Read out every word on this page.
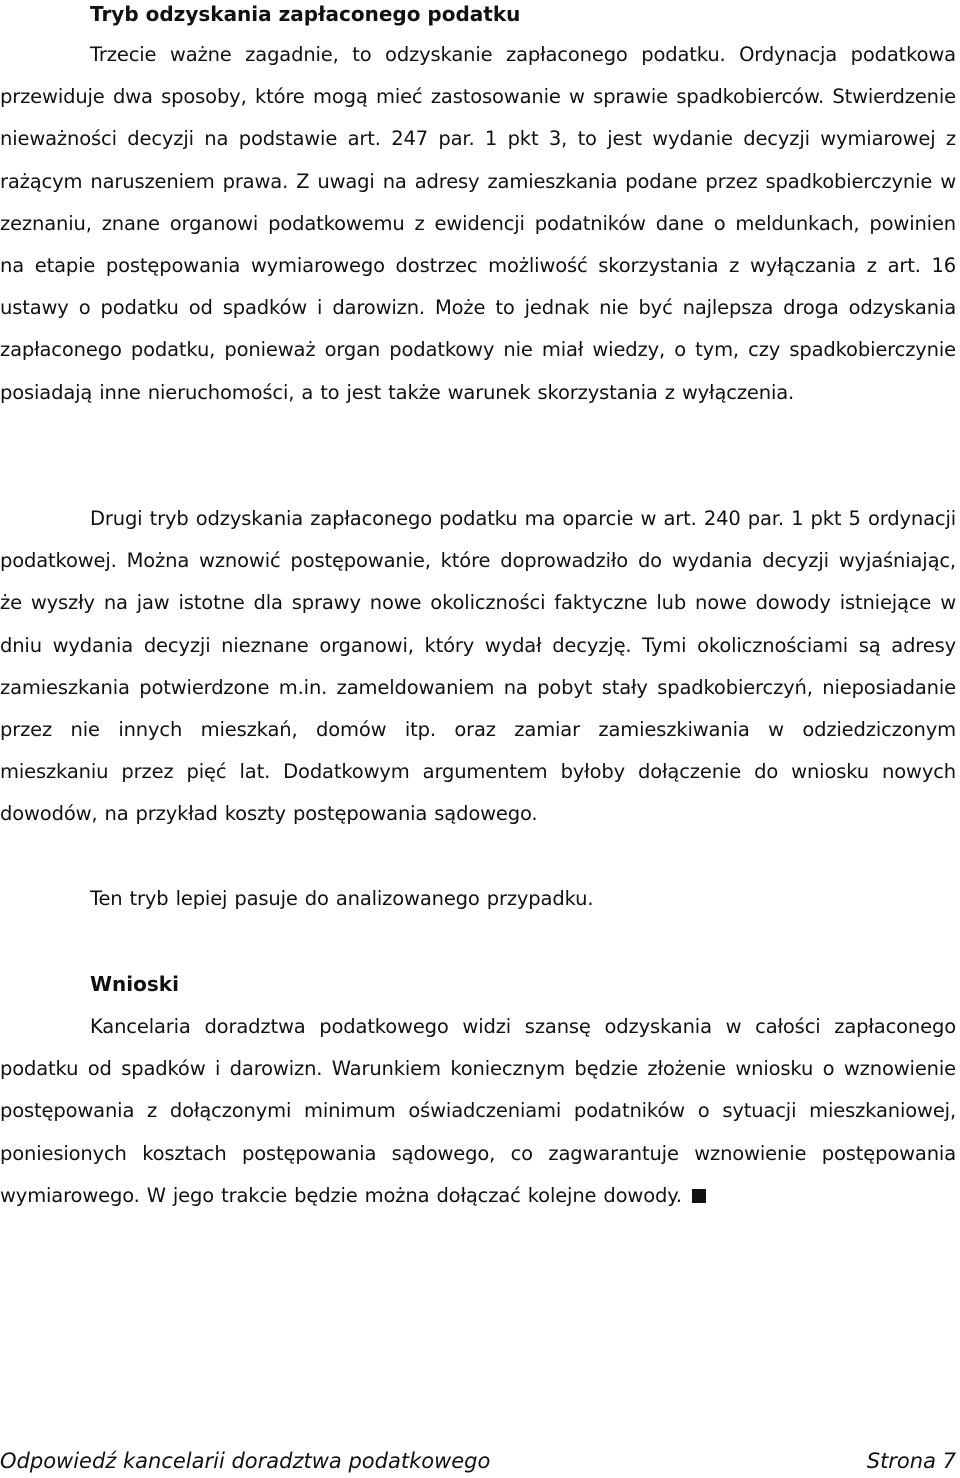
Tryb odzyskania zapłaconego podatku

Trzecie ważne zagadnie, to odzyskanie zapłaconego podatku. Ordynacja podatkowa przewiduje dwa sposoby, które mogą mieć zastosowanie w sprawie spadkobierców. Stwierdzenie nieważności decyzji na podstawie art. 247 par. 1 pkt 3, to jest wydanie decyzji wymiarowej z rażącym naruszeniem prawa. Z uwagi na adresy zamieszkania podane przez spadkobierczynie w zeznaniu, znane organowi podatkowemu z ewidencji podatników dane o meldunkach, powinien na etapie postępowania wymiarowego dostrzec możliwość skorzystania z wyłączania z art. 16 ustawy o podatku od spadków i darowizn. Może to jednak nie być najlepsza droga odzyskania zapłaconego podatku, ponieważ organ podatkowy nie miał wiedzy, o tym, czy spadkobierczynie posiadają inne nieruchomości, a to jest także warunek skorzystania z wyłączenia.

Drugi tryb odzyskania zapłaconego podatku ma oparcie w art. 240 par. 1 pkt 5 ordynacji podatkowej. Można wznowić postępowanie, które doprowadziło do wydania decyzji wyjaśniając, że wyszły na jaw istotne dla sprawy nowe okoliczności faktyczne lub nowe dowody istniejące w dniu wydania decyzji nieznane organowi, który wydał decyzję. Tymi okolicznościami są adresy zamieszkania potwierdzone m.in. zameldowaniem na pobyt stały spadkobierczyń, nieposiadanie przez nie innych mieszkań, domów itp. oraz zamiar zamieszkiwania w odziedziczonym mieszkaniu przez pięć lat. Dodatkowym argumentem byłoby dołączenie do wniosku nowych dowodów, na przykład koszty postępowania sądowego.

Ten tryb lepiej pasuje do analizowanego przypadku.

Wnioski

Kancelaria doradztwa podatkowego widzi szansę odzyskania w całości zapłaconego podatku od spadków i darowizn. Warunkiem koniecznym będzie złożenie wniosku o wznowienie postępowania z dołączonymi minimum oświadczeniami podatników o sytuacji mieszkaniowej, poniesionych kosztach postępowania sądowego, co zagwarantuje wznowienie postępowania wymiarowego. W jego trakcie będzie można dołączać kolejne dowody.

Odpowiedź kancelarii doradztwa podatkowego	Strona 7
